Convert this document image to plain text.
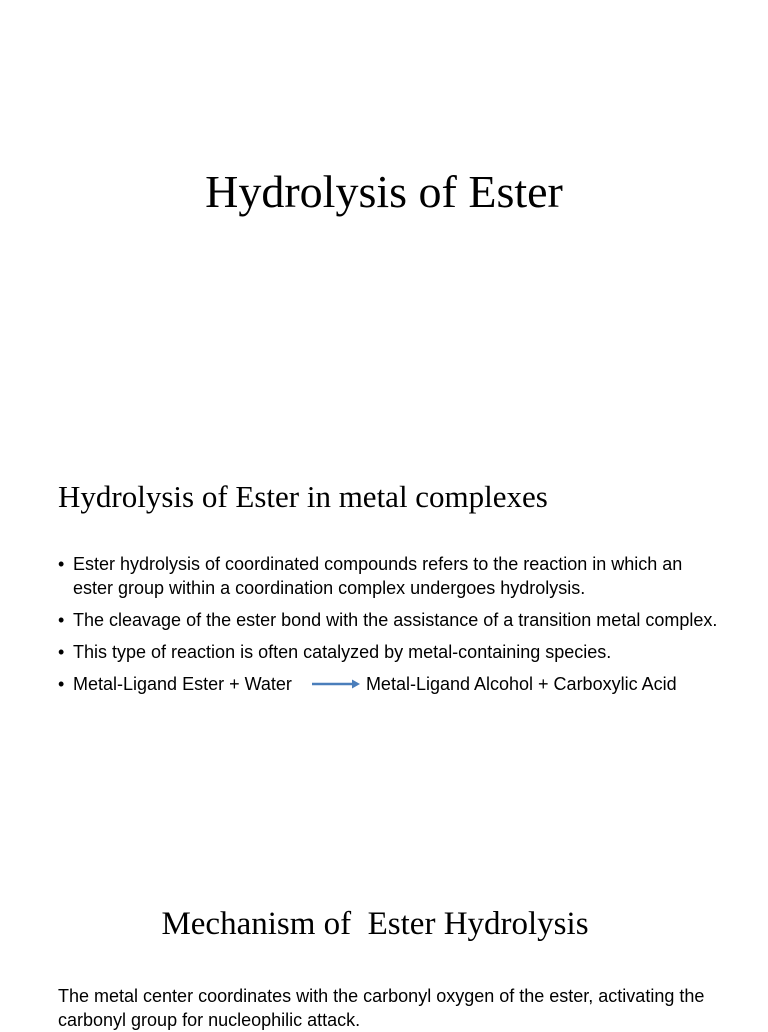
Hydrolysis of Ester
Hydrolysis of Ester in metal complexes
• Ester hydrolysis of coordinated compounds refers to the reaction in which an ester group within a coordination complex undergoes hydrolysis.
• The cleavage of the ester bond with the assistance of a transition metal complex.
• This type of reaction is often catalyzed by metal-containing species.
• Metal-Ligand Ester + Water	Metal-Ligand Alcohol + Carboxylic Acid
Mechanism of  Ester Hydrolysis

The metal center coordinates with the carbonyl oxygen of the ester, activating the carbonyl group for nucleophilic attack.
